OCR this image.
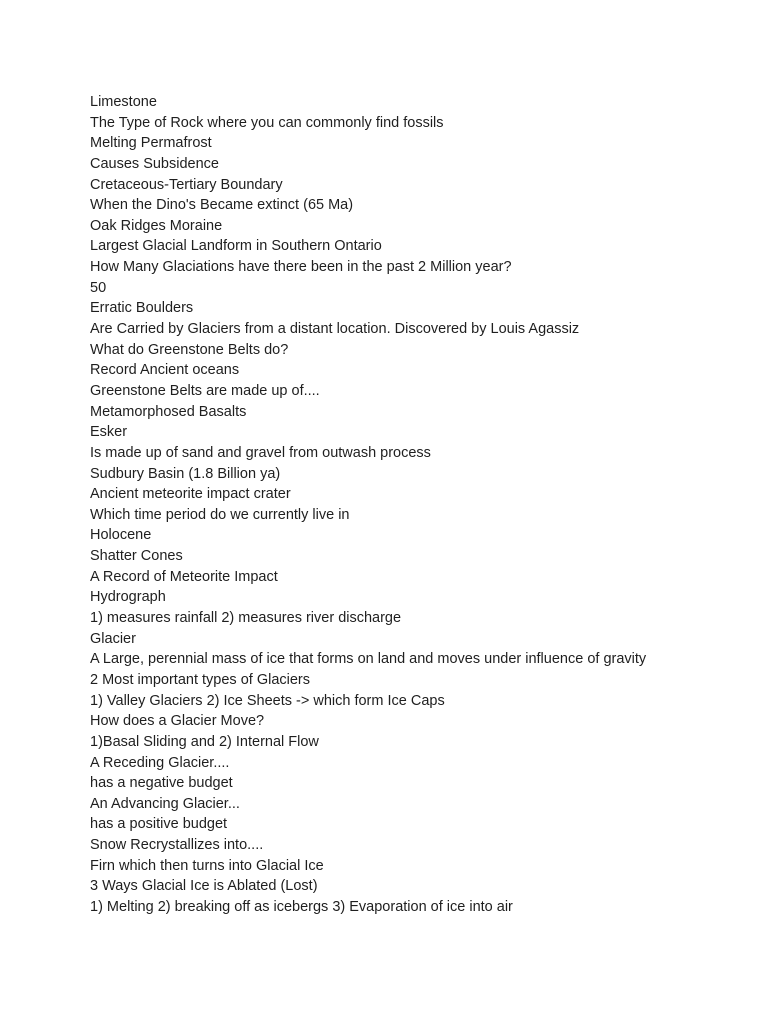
Limestone
The Type of Rock where you can commonly find fossils
Melting Permafrost
Causes Subsidence
Cretaceous-Tertiary Boundary
When the Dino's Became extinct (65 Ma)
Oak Ridges Moraine
Largest Glacial Landform in Southern Ontario
How Many Glaciations have there been in the past 2 Million year?
50
Erratic Boulders
Are Carried by Glaciers from a distant location. Discovered by Louis Agassiz
What do Greenstone Belts do?
Record Ancient oceans
Greenstone Belts are made up of....
Metamorphosed Basalts
Esker
Is made up of sand and gravel from outwash process
Sudbury Basin (1.8 Billion ya)
Ancient meteorite impact crater
Which time period do we currently live in
Holocene
Shatter Cones
A Record of Meteorite Impact
Hydrograph
1) measures rainfall 2) measures river discharge
Glacier
A Large, perennial mass of ice that forms on land and moves under influence of gravity
2 Most important types of Glaciers
1) Valley Glaciers 2) Ice Sheets -> which form Ice Caps
How does a Glacier Move?
1)Basal Sliding and 2) Internal Flow
A Receding Glacier....
has a negative budget
An Advancing Glacier...
has a positive budget
Snow Recrystallizes into....
Firn which then turns into Glacial Ice
3 Ways Glacial Ice is Ablated (Lost)
1) Melting 2) breaking off as icebergs 3) Evaporation of ice into air
